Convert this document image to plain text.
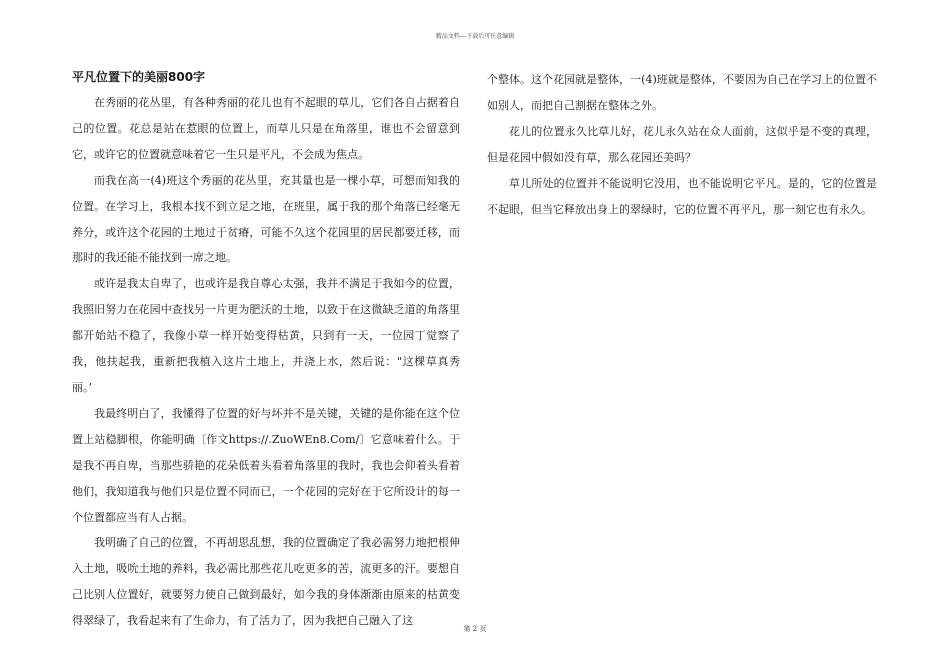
精品文档---下载后可任意编辑
平凡位置下的美丽800字

在秀丽的花丛里，有各种秀丽的花儿也有不起眼的草儿，它们各自占据着自己的位置。花总是站在惹眼的位置上，而草儿只是在角落里，谁也不会留意到它，或许它的位置就意味着它一生只是平凡，不会成为焦点。

而我在高一(4)班这个秀丽的花丛里，充其量也是一棵小草，可想而知我的位置。在学习上，我根本找不到立足之地，在班里，属于我的那个角落已经毫无养分，或许这个花园的土地过于贫瘠，可能不久这个花园里的居民都要迁移，而那时的我还能不能找到一席之地。

或许是我太自卑了，也或许是我自尊心太强，我并不满足于我如今的位置，我照旧努力在花园中查找另一片更为肥沃的土地，以致于在这微缺乏道的角落里都开始站不稳了，我像小草一样开始变得枯黄，只到有一天，一位园丁觉察了我，他扶起我，重新把我植入这片土地上，并浇上水，然后说："这棵草真秀丽。’

我最终明白了，我懂得了位置的好与坏并不是关键，关键的是你能在这个位置上站稳脚根，你能明确〔作文https://.ZuoWEn8.Com/〕它意味着什么。于是我不再自卑，当那些骄艳的花朵低着头看着角落里的我时，我也会仰着头看着他们，我知道我与他们只是位置不同而已，一个花园的完好在于它所设计的每一个位置都应当有人占据。

我明确了自己的位置，不再胡思乱想，我的位置确定了我必需努力地把根伸入土地，吸吮土地的养料，我必需比那些花儿吃更多的苦，流更多的汗。要想自己比别人位置好，就要努力使自己做到最好，如今我的身体渐渐由原来的枯黄变得翠绿了，我看起来有了生命力，有了活力了，因为我把自己融入了这

个整体。这个花园就是整体，一(4)班就是整体，不要因为自己在学习上的位置不如别人，而把自己割据在整体之外。

花儿的位置永久比草儿好，花儿永久站在众人面前，这似乎是不变的真理，但是花园中假如没有草，那么花园还美吗？

草儿所处的位置并不能说明它没用，也不能说明它平凡。是的，它的位置是不起眼，但当它释放出身上的翠绿时，它的位置不再平凡，那一刻它也有永久。

第 2 页
